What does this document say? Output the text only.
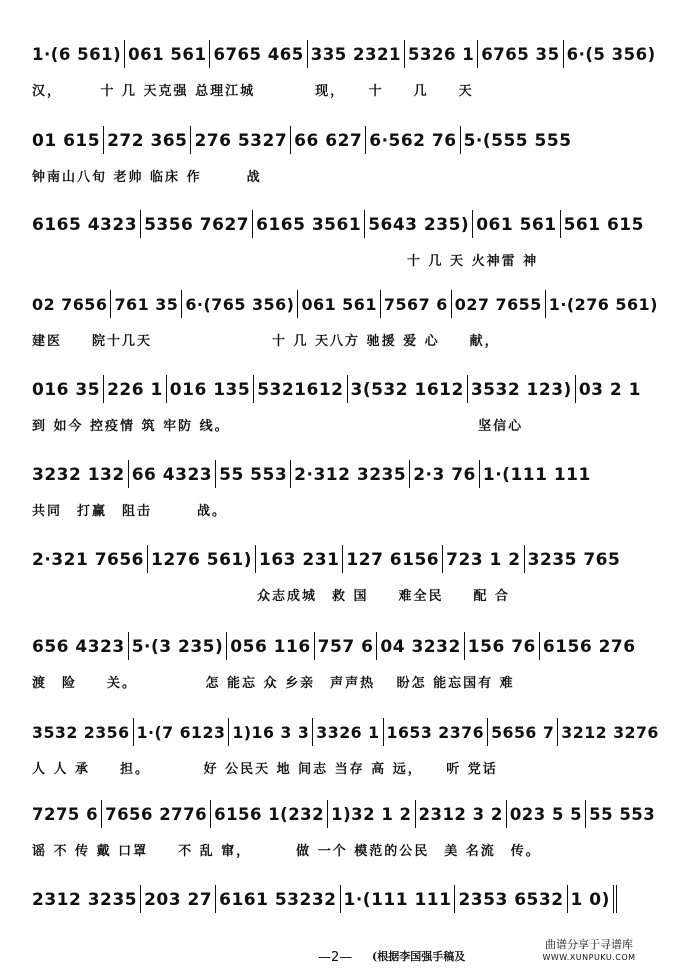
1·(6 561) 061 561 6765 465 335 2321 5326 1 6765 35 6·(5 356)
汉，　　　十 几 天克强 总理江城　　　　现，　　十　　几　　天
01 615 272 365 276 5327 66 627 6·562 76 5·(555 555
钟南山八旬 老帅 临床 作　　　战
6165 4323 5356 7627 6165 3561 5643 235) 061 561 561 615
　　　　　　　　　　　　　　　　　　　　　　　　　十 几 天 火神雷 神
02 7656 761 35 6·(765 356) 061 561 7567 6 027 7655 1·(276 561)
建医　　院十几天　　　　　　　　十 几 天八方 驰援 爱 心　　献，
016 35 226 1 016 135 5321612 3(532 1612 3532 123) 03 2 1
到 如今 控疫情 筑 牢防 线。　　　　　　　　　　　　　　　　　坚信心
3232 132 66 4323 55 553 2·312 3235 2·3 76 1·(111 111
共同　打赢　阻击　　　战。
2·321 7656 1276 561) 163 231 127 6156 723 1 2 3235 765
　　　　　　　　　　　　　　　众志成城　救 国　　难全民　　配 合
656 4323 5·(3 235) 056 116 757 6 04 3232 156 76 6156 276
渡　险　　关。　　　　　怎 能忘 众 乡亲　声声热　 盼怎 能忘国有 难
3532 2356 1·(7 6123 1)16 3 3 3326 1 1653 2376 5656 7 3212 3276
人 人 承　　担。　　　　好 公民天 地 间志 当存 高 远，　　听 党话
7275 6 7656 2776 6156 1(232 1)32 1 2 2312 3 2 023 5 5 55 553
谣 不 传 戴 口罩　　不 乱 窜，　　　 做 一个 模范的公民　美 名流　传。
2312 3235 203 27 6161 53232 1·(111 111 2353 6532 1 0)
—2— (根据李国强手稿及
曲谱分享于寻谱库
WWW.XUNPUKU.COM
